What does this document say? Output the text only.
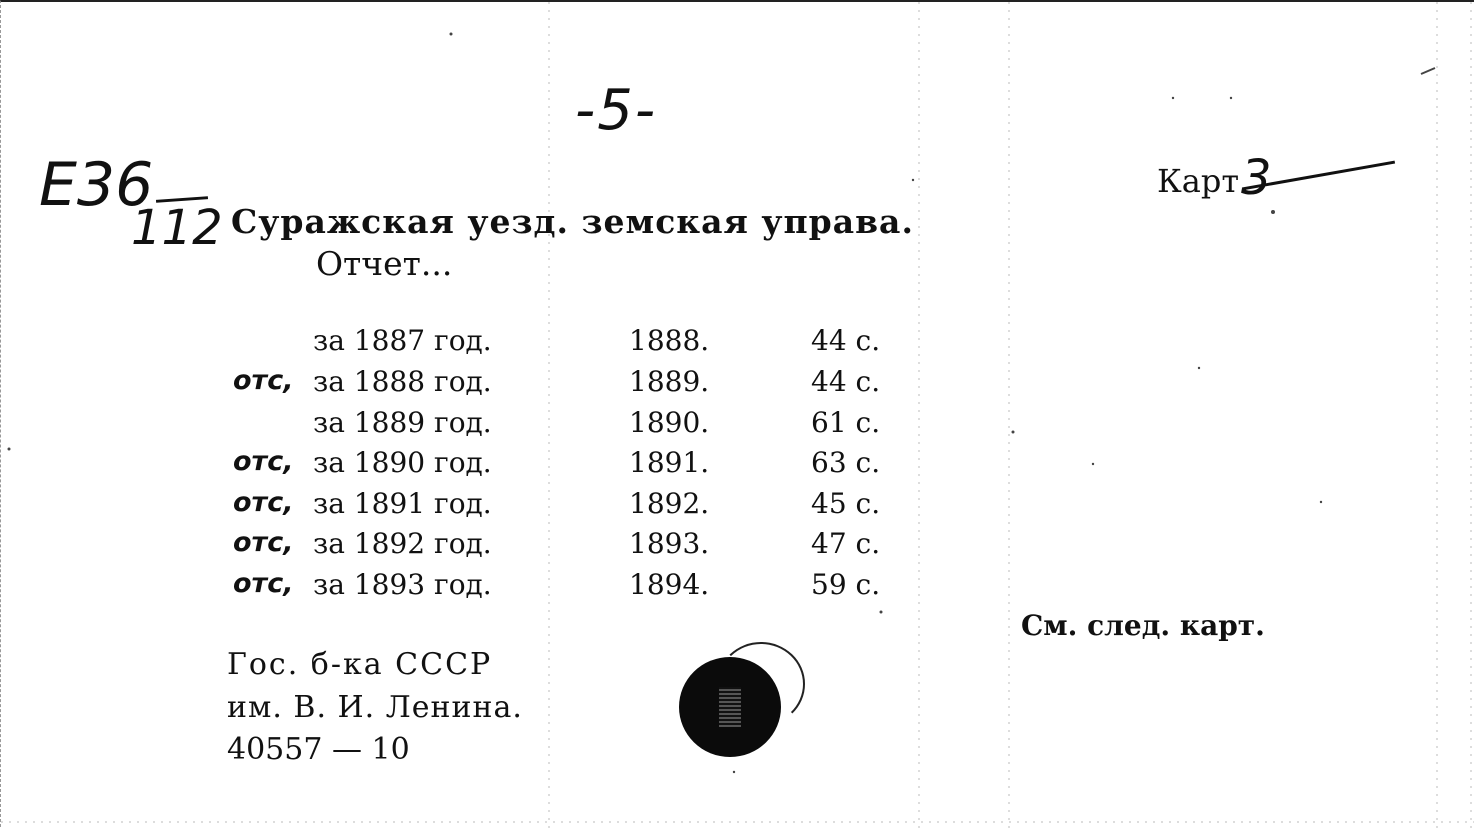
-5-
E36
112
Карт.
3
Суражская уезд. земская управа.
Отчет...
за 1887 год.	1888.	44 с.
отс, за 1888 год.	1889.	44 с.
за 1889 год.	1890.	61 с.
отс, за 1890 год.	1891.	63 с.
отс, за 1891 год.	1892.	45 с.
отс, за 1892 год.	1893.	47 с.
отс, за 1893 год.	1894.	59 с.
Гос. б-ка СССР
им. В. И. Ленина.
40557 — 10
См. след. карт.
